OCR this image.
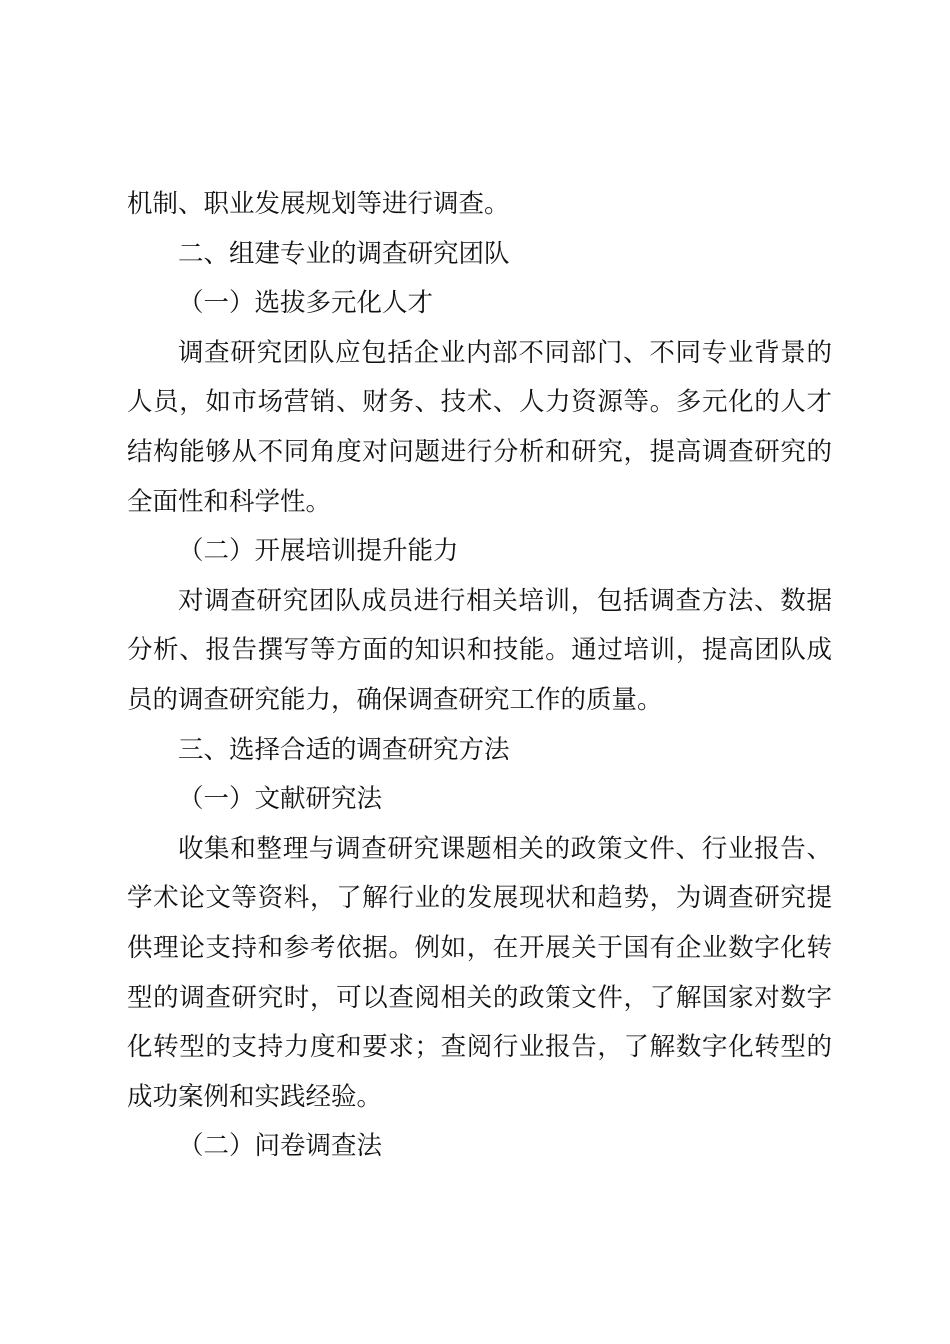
机制、职业发展规划等进行调查。

二、组建专业的调查研究团队

（一）选拔多元化人才

调查研究团队应包括企业内部不同部门、不同专业背景的人员，如市场营销、财务、技术、人力资源等。多元化的人才结构能够从不同角度对问题进行分析和研究，提高调查研究的全面性和科学性。

（二）开展培训提升能力

对调查研究团队成员进行相关培训，包括调查方法、数据分析、报告撰写等方面的知识和技能。通过培训，提高团队成员的调查研究能力，确保调查研究工作的质量。

三、选择合适的调查研究方法

（一）文献研究法

收集和整理与调查研究课题相关的政策文件、行业报告、学术论文等资料，了解行业的发展现状和趋势，为调查研究提供理论支持和参考依据。例如，在开展关于国有企业数字化转型的调查研究时，可以查阅相关的政策文件，了解国家对数字化转型的支持力度和要求；查阅行业报告，了解数字化转型的成功案例和实践经验。

（二）问卷调查法
